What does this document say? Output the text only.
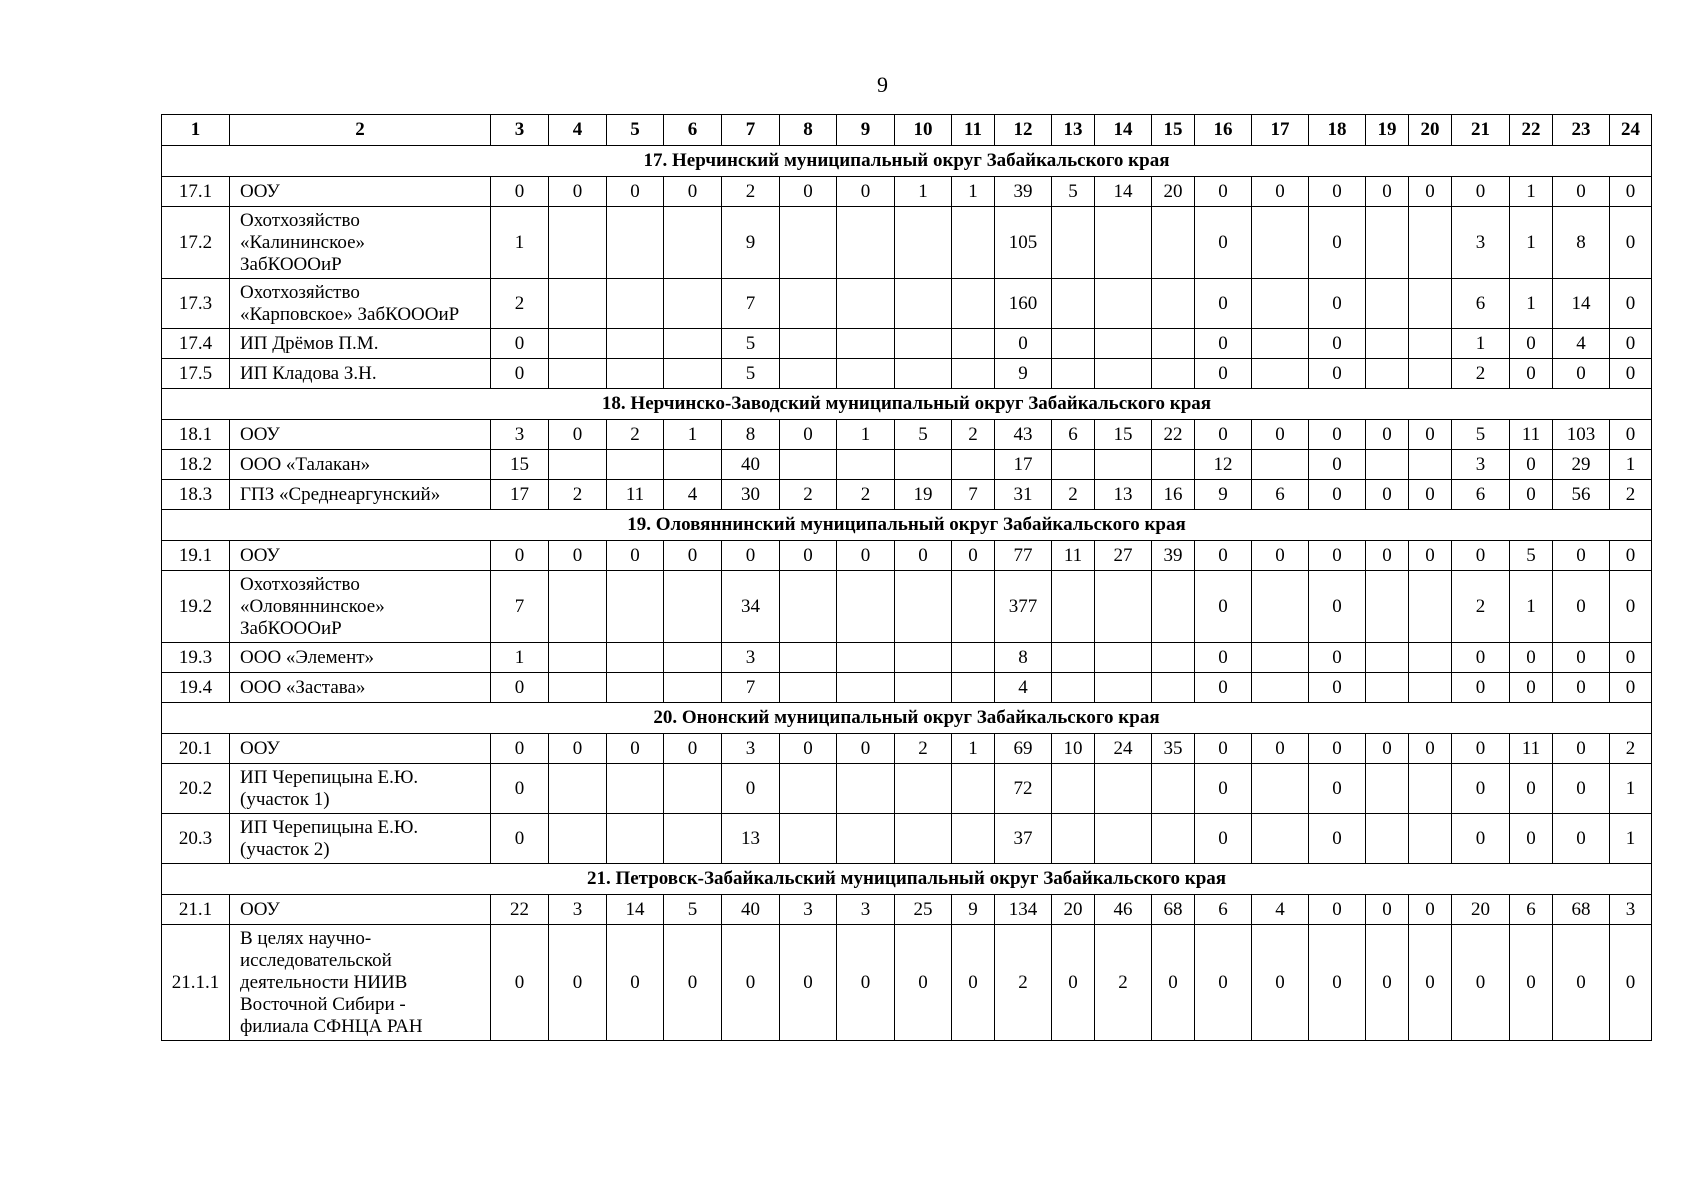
9
1	2	3	4	5	6	7	8	9	10	11	12	13	14	15	16	17	18	19	20	21	22	23	24
17. Нерчинский муниципальный округ Забайкальского края																							
17.1	ООУ	0	0	0	0	2	0	0	1	1	39	5	14	20	0	0	0	0	0	0	1	0	0
17.2	Охотхозяйство
«Калининское»
ЗабКОООиР	1				9					105				0		0			3	1	8	0
17.3	Охотхозяйство
«Карповское» ЗабКОООиР	2				7					160				0		0			6	1	14	0
17.4	ИП Дрёмов П.М.	0				5					0				0		0			1	0	4	0
17.5	ИП Кладова З.Н.	0				5					9				0		0			2	0	0	0
18. Нерчинско-Заводский муниципальный округ Забайкальского края																							
18.1	ООУ	3	0	2	1	8	0	1	5	2	43	6	15	22	0	0	0	0	0	5	11	103	0
18.2	ООО «Талакан»	15				40					17				12		0			3	0	29	1
18.3	ГПЗ «Среднеаргунский»	17	2	11	4	30	2	2	19	7	31	2	13	16	9	6	0	0	0	6	0	56	2
19. Оловяннинский муниципальный округ Забайкальского края																							
19.1	ООУ	0	0	0	0	0	0	0	0	0	77	11	27	39	0	0	0	0	0	0	5	0	0
19.2	Охотхозяйство
«Оловяннинское»
ЗабКОООиР	7				34					377				0		0			2	1	0	0
19.3	ООО «Элемент»	1				3					8				0		0			0	0	0	0
19.4	ООО «Застава»	0				7					4				0		0			0	0	0	0
20. Ононский муниципальный округ Забайкальского края																							
20.1	ООУ	0	0	0	0	3	0	0	2	1	69	10	24	35	0	0	0	0	0	0	11	0	2
20.2	ИП Черепицына Е.Ю.
(участок 1)	0				0					72				0		0			0	0	0	1
20.3	ИП Черепицына Е.Ю.
(участок 2)	0				13					37				0		0			0	0	0	1
21. Петровск-Забайкальский муниципальный округ Забайкальского края																							
21.1	ООУ	22	3	14	5	40	3	3	25	9	134	20	46	68	6	4	0	0	0	20	6	68	3
21.1.1	В целях научно-
исследовательской
деятельности НИИВ
Восточной Сибири -
филиала СФНЦА РАН	0	0	0	0	0	0	0	0	0	2	0	2	0	0	0	0	0	0	0	0	0	0
